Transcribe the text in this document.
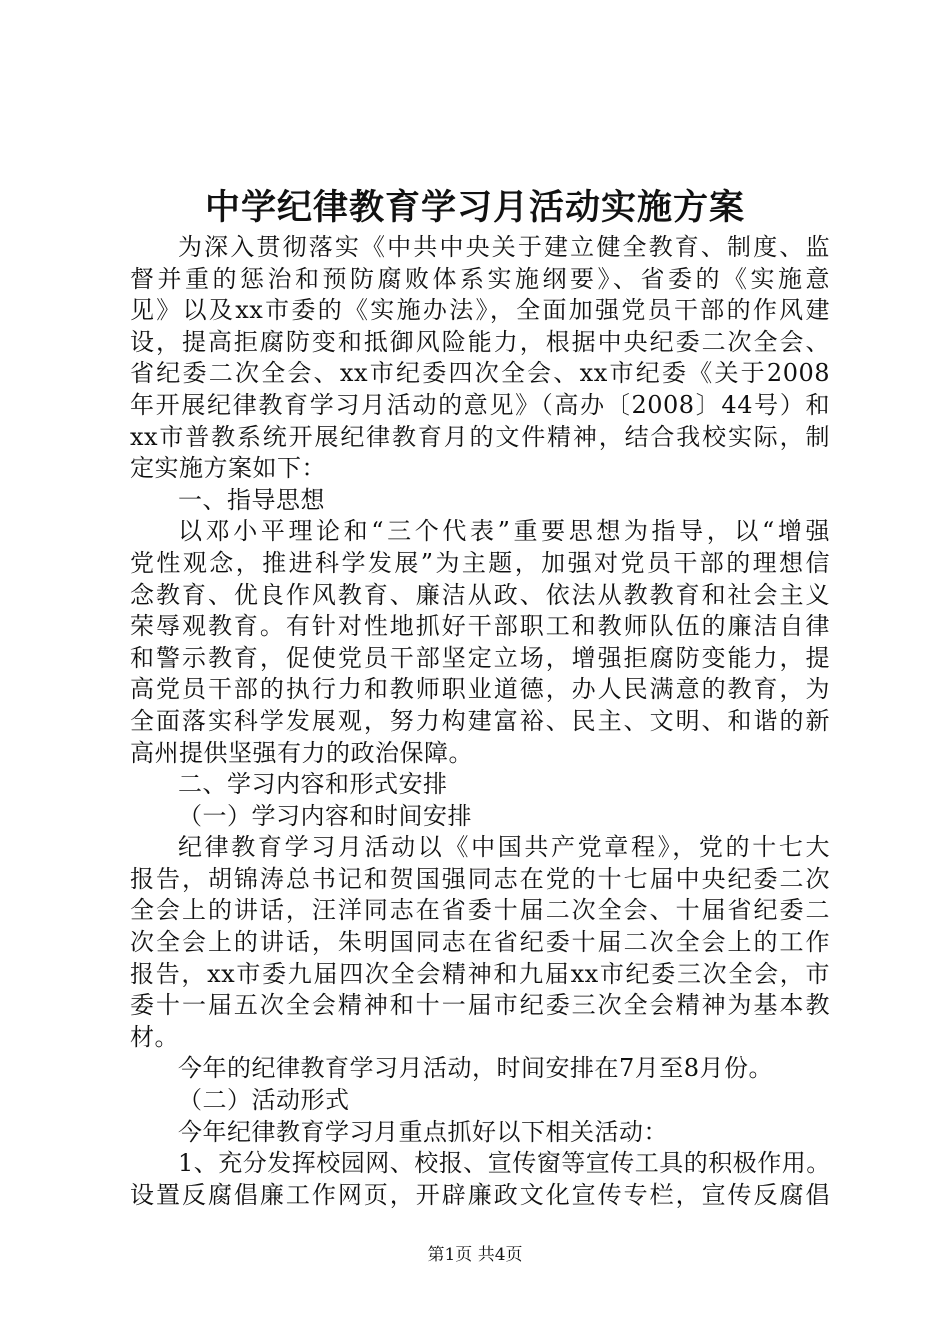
中学纪律教育学习月活动实施方案
为深入贯彻落实《中共中央关于建立健全教育、制度、监
督并重的惩治和预防腐败体系实施纲要》、省委的《实施意
见》以及xx市委的《实施办法》，全面加强党员干部的作风建
设，提高拒腐防变和抵御风险能力，根据中央纪委二次全会、
省纪委二次全会、xx市纪委四次全会、xx市纪委《关于2008
年开展纪律教育学习月活动的意见》（高办〔2008〕44号）和
xx市普教系统开展纪律教育月的文件精神，结合我校实际，制
定实施方案如下：
一、指导思想
以邓小平理论和“三个代表”重要思想为指导，以“增强
党性观念，推进科学发展”为主题，加强对党员干部的理想信
念教育、优良作风教育、廉洁从政、依法从教教育和社会主义
荣辱观教育。有针对性地抓好干部职工和教师队伍的廉洁自律
和警示教育，促使党员干部坚定立场，增强拒腐防变能力，提
高党员干部的执行力和教师职业道德，办人民满意的教育，为
全面落实科学发展观，努力构建富裕、民主、文明、和谐的新
高州提供坚强有力的政治保障。
二、学习内容和形式安排
（一）学习内容和时间安排
纪律教育学习月活动以《中国共产党章程》，党的十七大
报告，胡锦涛总书记和贺国强同志在党的十七届中央纪委二次
全会上的讲话，汪洋同志在省委十届二次全会、十届省纪委二
次全会上的讲话，朱明国同志在省纪委十届二次全会上的工作
报告，xx市委九届四次全会精神和九届xx市纪委三次全会，市
委十一届五次全会精神和十一届市纪委三次全会精神为基本教
材。
今年的纪律教育学习月活动，时间安排在7月至8月份。
（二）活动形式
今年纪律教育学习月重点抓好以下相关活动：
1、充分发挥校园网、校报、宣传窗等宣传工具的积极作用。
设置反腐倡廉工作网页，开辟廉政文化宣传专栏，宣传反腐倡
第1页 共4页
